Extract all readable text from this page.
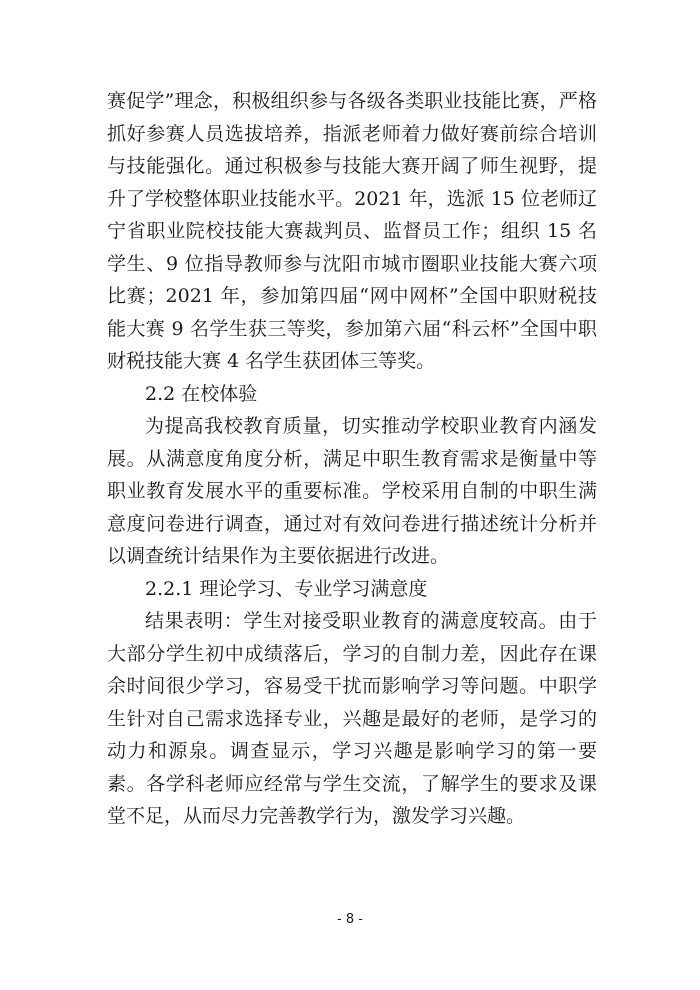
赛促学”理念，积极组织参与各级各类职业技能比赛，严格抓好参赛人员选拔培养，指派老师着力做好赛前综合培训与技能强化。通过积极参与技能大赛开阔了师生视野，提升了学校整体职业技能水平。2021 年，选派 15 位老师辽宁省职业院校技能大赛裁判员、监督员工作；组织 15 名学生、9 位指导教师参与沈阳市城市圈职业技能大赛六项比赛；2021 年，参加第四届“网中网杯”全国中职财税技能大赛 9 名学生获三等奖，参加第六届“科云杯”全国中职财税技能大赛 4 名学生获团体三等奖。

2.2 在校体验

为提高我校教育质量，切实推动学校职业教育内涵发展。从满意度角度分析，满足中职生教育需求是衡量中等职业教育发展水平的重要标准。学校采用自制的中职生满意度问卷进行调查，通过对有效问卷进行描述统计分析并以调查统计结果作为主要依据进行改进。

2.2.1 理论学习、专业学习满意度

结果表明：学生对接受职业教育的满意度较高。由于大部分学生初中成绩落后，学习的自制力差，因此存在课余时间很少学习，容易受干扰而影响学习等问题。中职学生针对自己需求选择专业，兴趣是最好的老师，是学习的动力和源泉。调查显示，学习兴趣是影响学习的第一要素。各学科老师应经常与学生交流，了解学生的要求及课堂不足，从而尽力完善教学行为，激发学习兴趣。

- 8 -
